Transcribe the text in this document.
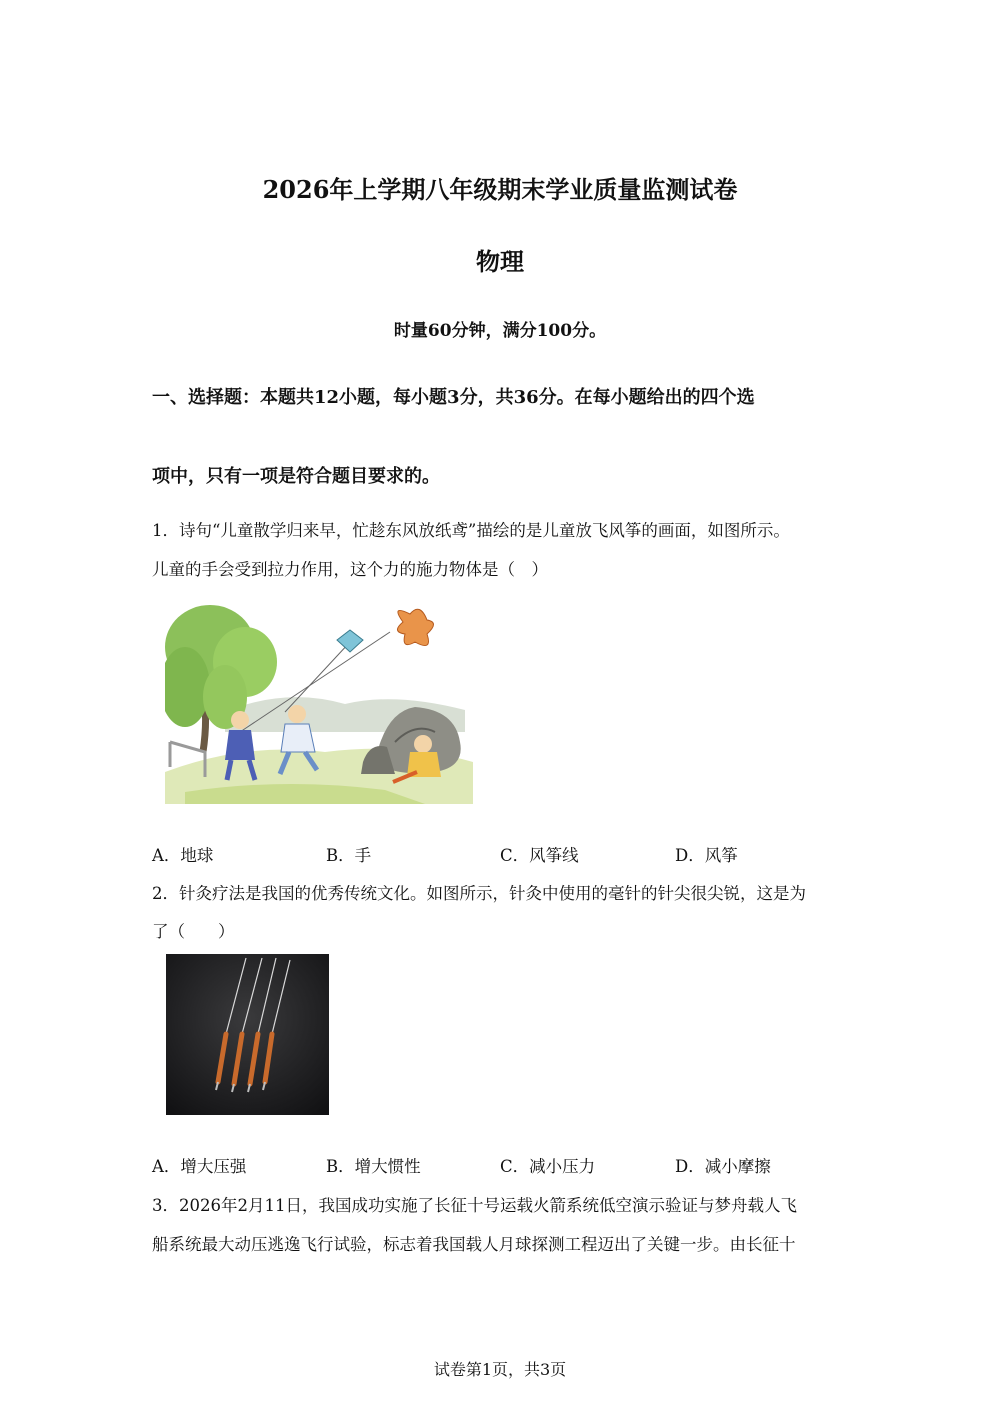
2026年上学期八年级期末学业质量监测试卷
物理
时量60分钟，满分100分。
一、选择题：本题共12小题，每小题3分，共36分。在每小题给出的四个选
项中，只有一项是符合题目要求的。
1．诗句“儿童散学归来早，忙趁东风放纸鸢”描绘的是儿童放飞风筝的画面，如图所示。
儿童的手会受到拉力作用，这个力的施力物体是（　）
A．地球	B．手	C．风筝线	D．风筝
2．针灸疗法是我国的优秀传统文化。如图所示，针灸中使用的毫针的针尖很尖锐，这是为
了（　　）
A．增大压强	B．增大惯性	C．减小压力	D．减小摩擦
3．2026年2月11日，我国成功实施了长征十号运载火箭系统低空演示验证与梦舟载人飞
船系统最大动压逃逸飞行试验，标志着我国载人月球探测工程迈出了关键一步。由长征十
试卷第1页，共3页
